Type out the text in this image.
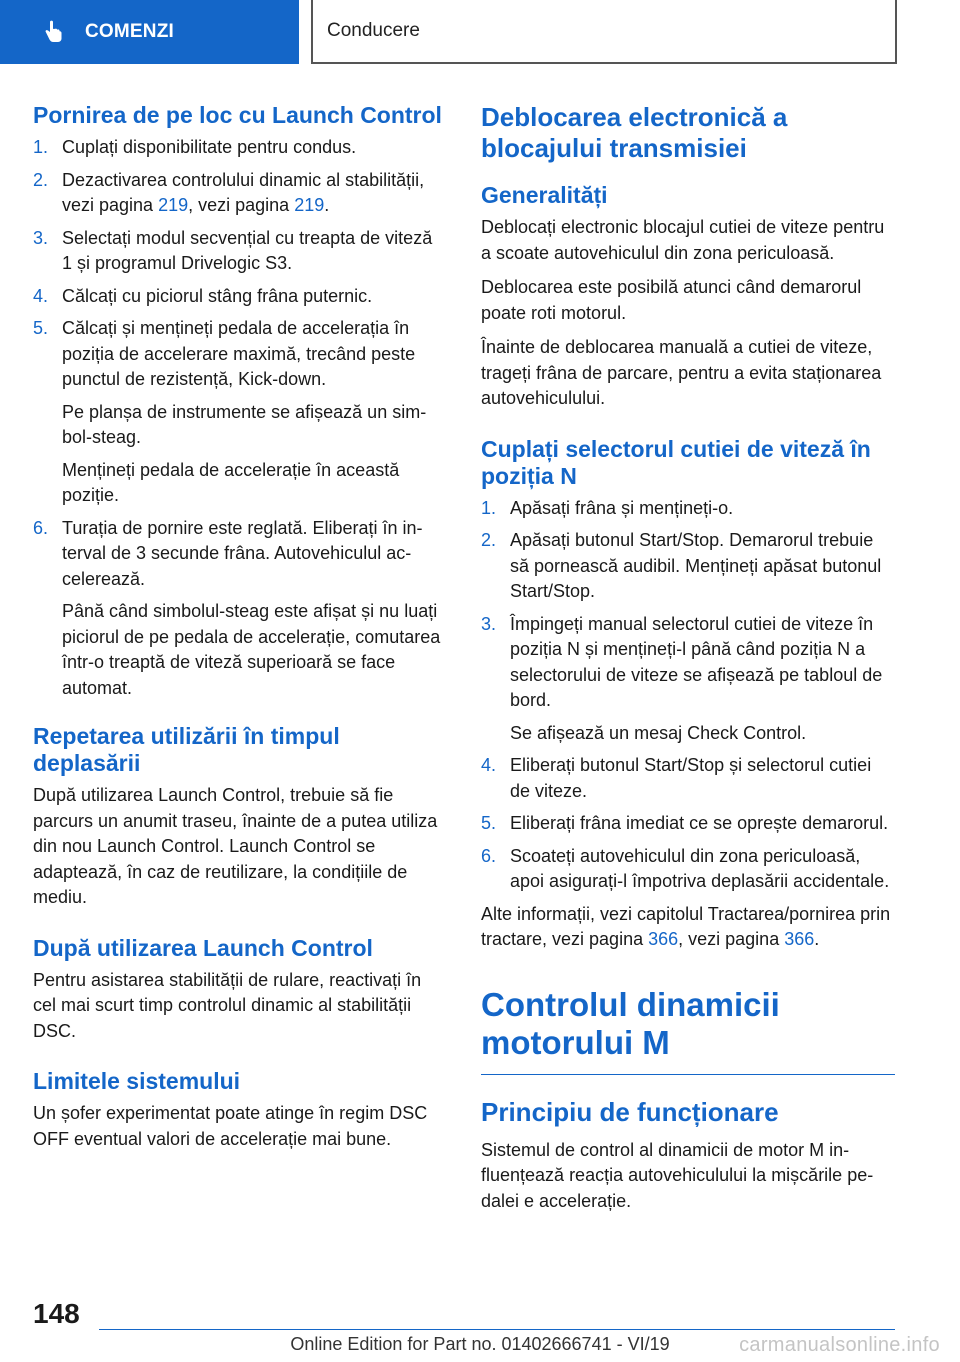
COMENZI	Conducere
Pornirea de pe loc cu Launch Control
1. Cuplați disponibilitate pentru condus.
2. Dezactivarea controlului dinamic al stabilității, vezi pagina 219, vezi pagina 219.
3. Selectați modul secvențial cu treapta de viteză 1 și programul Drivelogic S3.
4. Călcați cu piciorul stâng frâna puternic.
5. Călcați și mențineți pedala de accelerația în poziția de accelerare maximă, trecând peste punctul de rezistență, Kick-down.
Pe planșa de instrumente se afișează un simbol-steag.
Mențineți pedala de accelerație în această poziție.
6. Turația de pornire este reglată. Eliberați în interval de 3 secunde frâna. Autovehiculul accelerează.
Până când simbolul-steag este afișat și nu luați piciorul de pe pedala de accelerație, comutarea într-o treaptă de viteză superioară se face automat.
Repetarea utilizării în timpul deplasării

După utilizarea Launch Control, trebuie să fie parcurs un anumit traseu, înainte de a putea utiliza din nou Launch Control. Launch Control se adaptează, în caz de reutilizare, la condițiile de mediu.

După utilizarea Launch Control

Pentru asistarea stabilității de rulare, reactivați în cel mai scurt timp controlul dinamic al stabilității DSC.

Limitele sistemului

Un șofer experimentat poate atinge în regim DSC OFF eventual valori de accelerație mai bune.

Deblocarea electronică a blocajului transmisiei
Generalități

Deblocați electronic blocajul cutiei de viteze pentru a scoate autovehiculul din zona periculoasă.

Deblocarea este posibilă atunci când demarorul poate roti motorul.

Înainte de deblocarea manuală a cutiei de viteze, trageți frâna de parcare, pentru a evita staționarea autovehiculului.

Cuplați selectorul cutiei de viteză în poziția N
1. Apăsați frâna și mențineți-o.
2. Apăsați butonul Start/Stop. Demarorul trebuie să pornească audibil. Mențineți apăsat butonul Start/Stop.
3. Împingeți manual selectorul cutiei de viteze în poziția N și mențineți-l până când poziția N a selectorului de viteze se afișează pe tabloul de bord.
Se afișează un mesaj Check Control.
4. Eliberați butonul Start/Stop și selectorul cutiei de viteze.
5. Eliberați frâna imediat ce se oprește demarorul.
6. Scoateți autovehiculul din zona periculoasă, apoi asigurați-l împotriva deplasării accidentale.

Alte informații, vezi capitolul Tractarea/pornirea prin tractare, vezi pagina 366, vezi pagina 366.

Controlul dinamicii motorului M
Principiu de funcționare

Sistemul de control al dinamicii de motor M influențează reacția autovehiculului la mișcările pedalei e accelerație.

148
Online Edition for Part no. 01402666741 - VI/19	carmanualsonline.info
